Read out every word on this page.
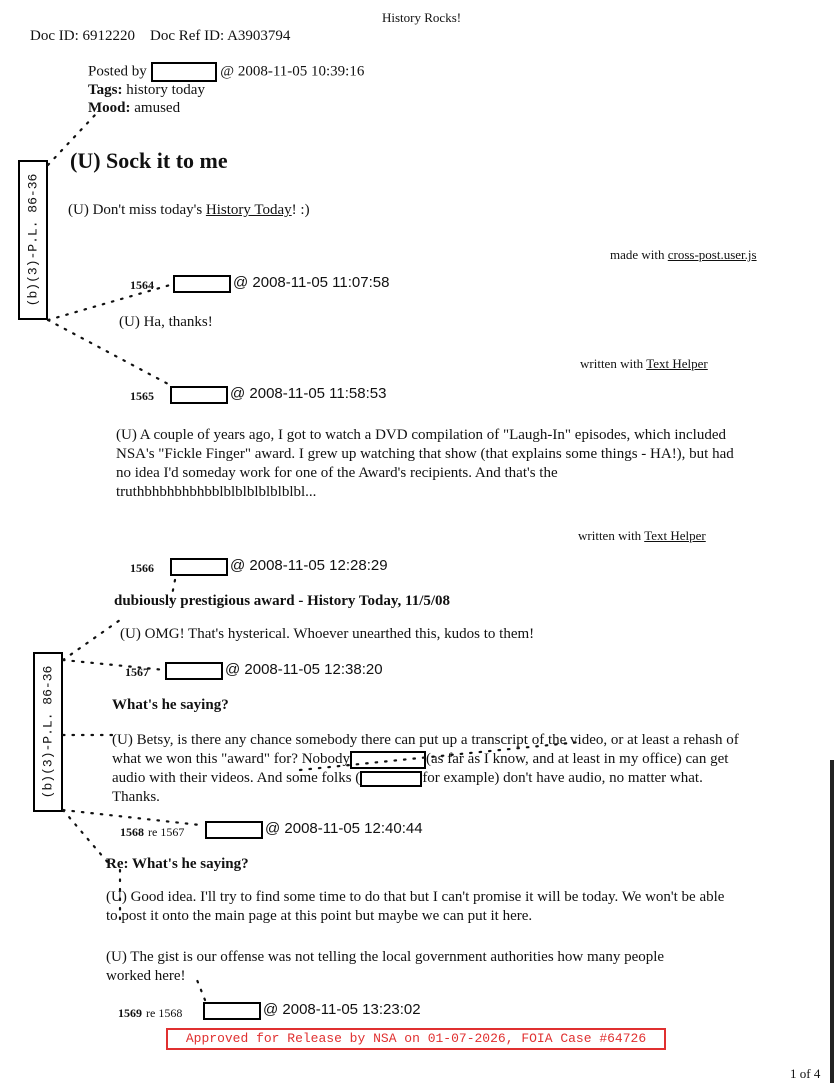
History Rocks!
Doc ID: 6912220 Doc Ref ID: A3903794
Posted by	@ 2008-11-05 10:39:16
Tags: history today
Mood: amused
(U) Sock it to me
(U) Don't miss today's History Today! :)
made with cross-post.user.js
(b)(3)-P.L. 86-36
(b)(3)-P.L. 86-36
1564	@ 2008-11-05 11:07:58
(U) Ha, thanks!
written with Text Helper
1565	@ 2008-11-05 11:58:53
(U) A couple of years ago, I got to watch a DVD compilation of "Laugh-In" episodes, which included NSA's "Fickle Finger" award. I grew up watching that show (that explains some things - HA!), but had no idea I'd someday work for one of the Award's recipients. And that's the truthbhbhbhbhbblblblblblblblbl...
written with Text Helper
1566	@ 2008-11-05 12:28:29
dubiously prestigious award - History Today, 11/5/08
(U) OMG! That's hysterical. Whoever unearthed this, kudos to them!
1567	@ 2008-11-05 12:38:20
What's he saying?
(U) Betsy, is there any chance somebody there can put up a transcript of the video, or at least a rehash of what we won this "award" for? Nobody	(as far as I know, and at least in my office) can get audio with their videos. And some folks (	for example) don't have audio, no matter what. Thanks.
1568 re 1567	@ 2008-11-05 12:40:44
Re: What's he saying?
(U) Good idea. I'll try to find some time to do that but I can't promise it will be today. We won't be able to post it onto the main page at this point but maybe we can put it here.
(U) The gist is our offense was not telling the local government authorities how many people worked here!
1569 re 1568	@ 2008-11-05 13:23:02
Approved for Release by NSA on 01-07-2026, FOIA Case #64726
1 of 4
